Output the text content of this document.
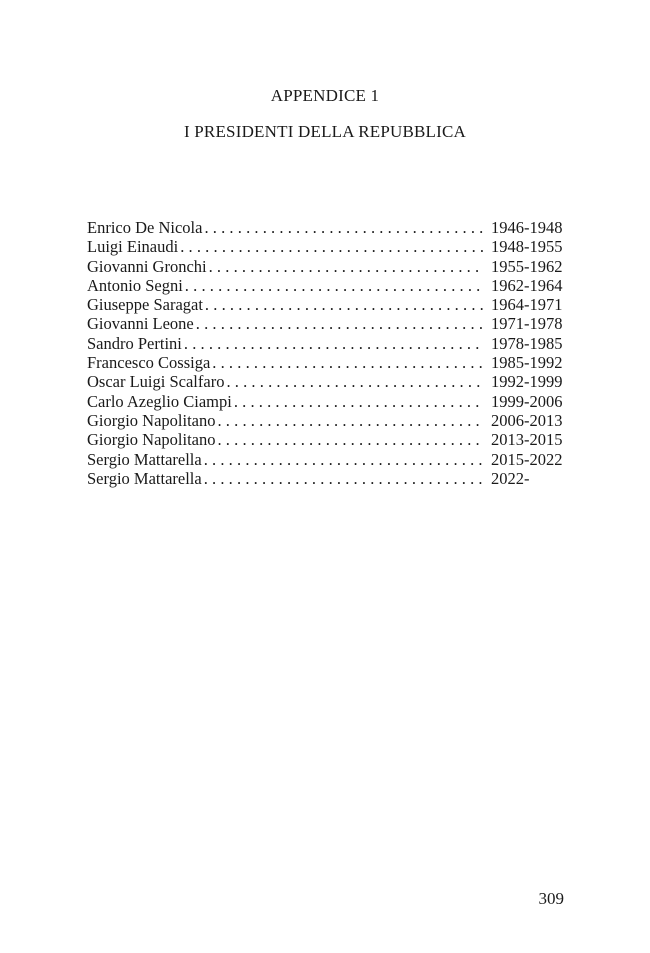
APPENDICE 1
I PRESIDENTI DELLA REPUBBLICA
Enrico De Nicola .....	1946-1948
Luigi Einaudi .....	1948-1955
Giovanni Gronchi .....	1955-1962
Antonio Segni .....	1962-1964
Giuseppe Saragat .....	1964-1971
Giovanni Leone .....	1971-1978
Sandro Pertini .....	1978-1985
Francesco Cossiga .....	1985-1992
Oscar Luigi Scalfaro .....	1992-1999
Carlo Azeglio Ciampi .....	1999-2006
Giorgio Napolitano .....	2006-2013
Giorgio Napolitano .....	2013-2015
Sergio Mattarella .....	2015-2022
Sergio Mattarella .....	2022-

309
